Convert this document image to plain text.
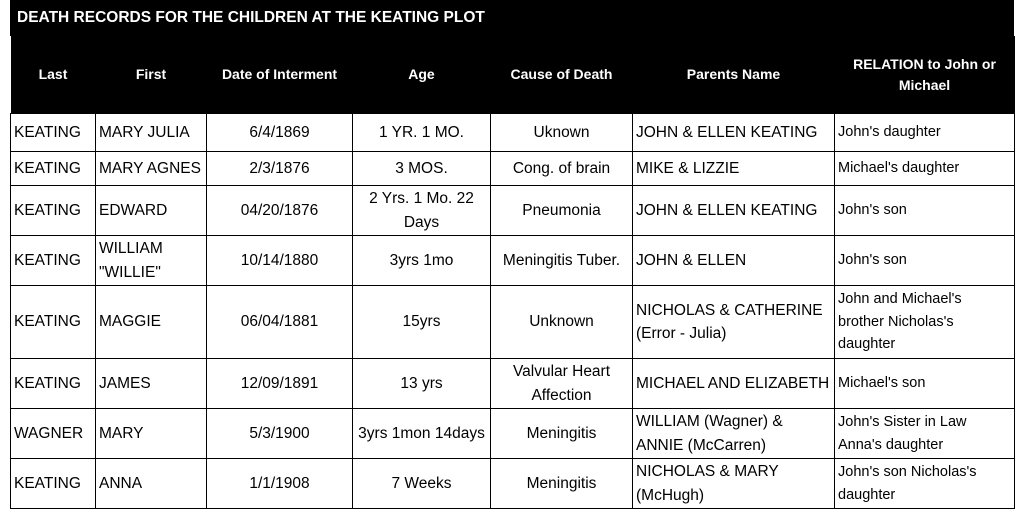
DEATH RECORDS FOR THE CHILDREN AT THE KEATING PLOT
Last	First	Date of Interment	Age	Cause of Death	Parents Name	RELATION to John or Michael
KEATING	MARY JULIA	6/4/1869	1 YR. 1 MO.	Uknown	JOHN & ELLEN KEATING	John's daughter
KEATING	MARY AGNES	2/3/1876	3 MOS.	Cong. of brain	MIKE & LIZZIE	Michael's daughter
KEATING	EDWARD	04/20/1876	2 Yrs. 1 Mo. 22 Days	Pneumonia	JOHN & ELLEN KEATING	John's son
KEATING	WILLIAM "WILLIE"	10/14/1880	3yrs 1mo	Meningitis Tuber.	JOHN & ELLEN	John's son
KEATING	MAGGIE	06/04/1881	15yrs	Unknown	NICHOLAS & CATHERINE (Error - Julia)	John and Michael's brother Nicholas's daughter
KEATING	JAMES	12/09/1891	13 yrs	Valvular Heart Affection	MICHAEL AND ELIZABETH	Michael's son
WAGNER	MARY	5/3/1900	3yrs 1mon 14days	Meningitis	WILLIAM (Wagner) & ANNIE (McCarren)	John's Sister in Law Anna's daughter
KEATING	ANNA	1/1/1908	7 Weeks	Meningitis	NICHOLAS & MARY (McHugh)	John's son Nicholas's daughter
